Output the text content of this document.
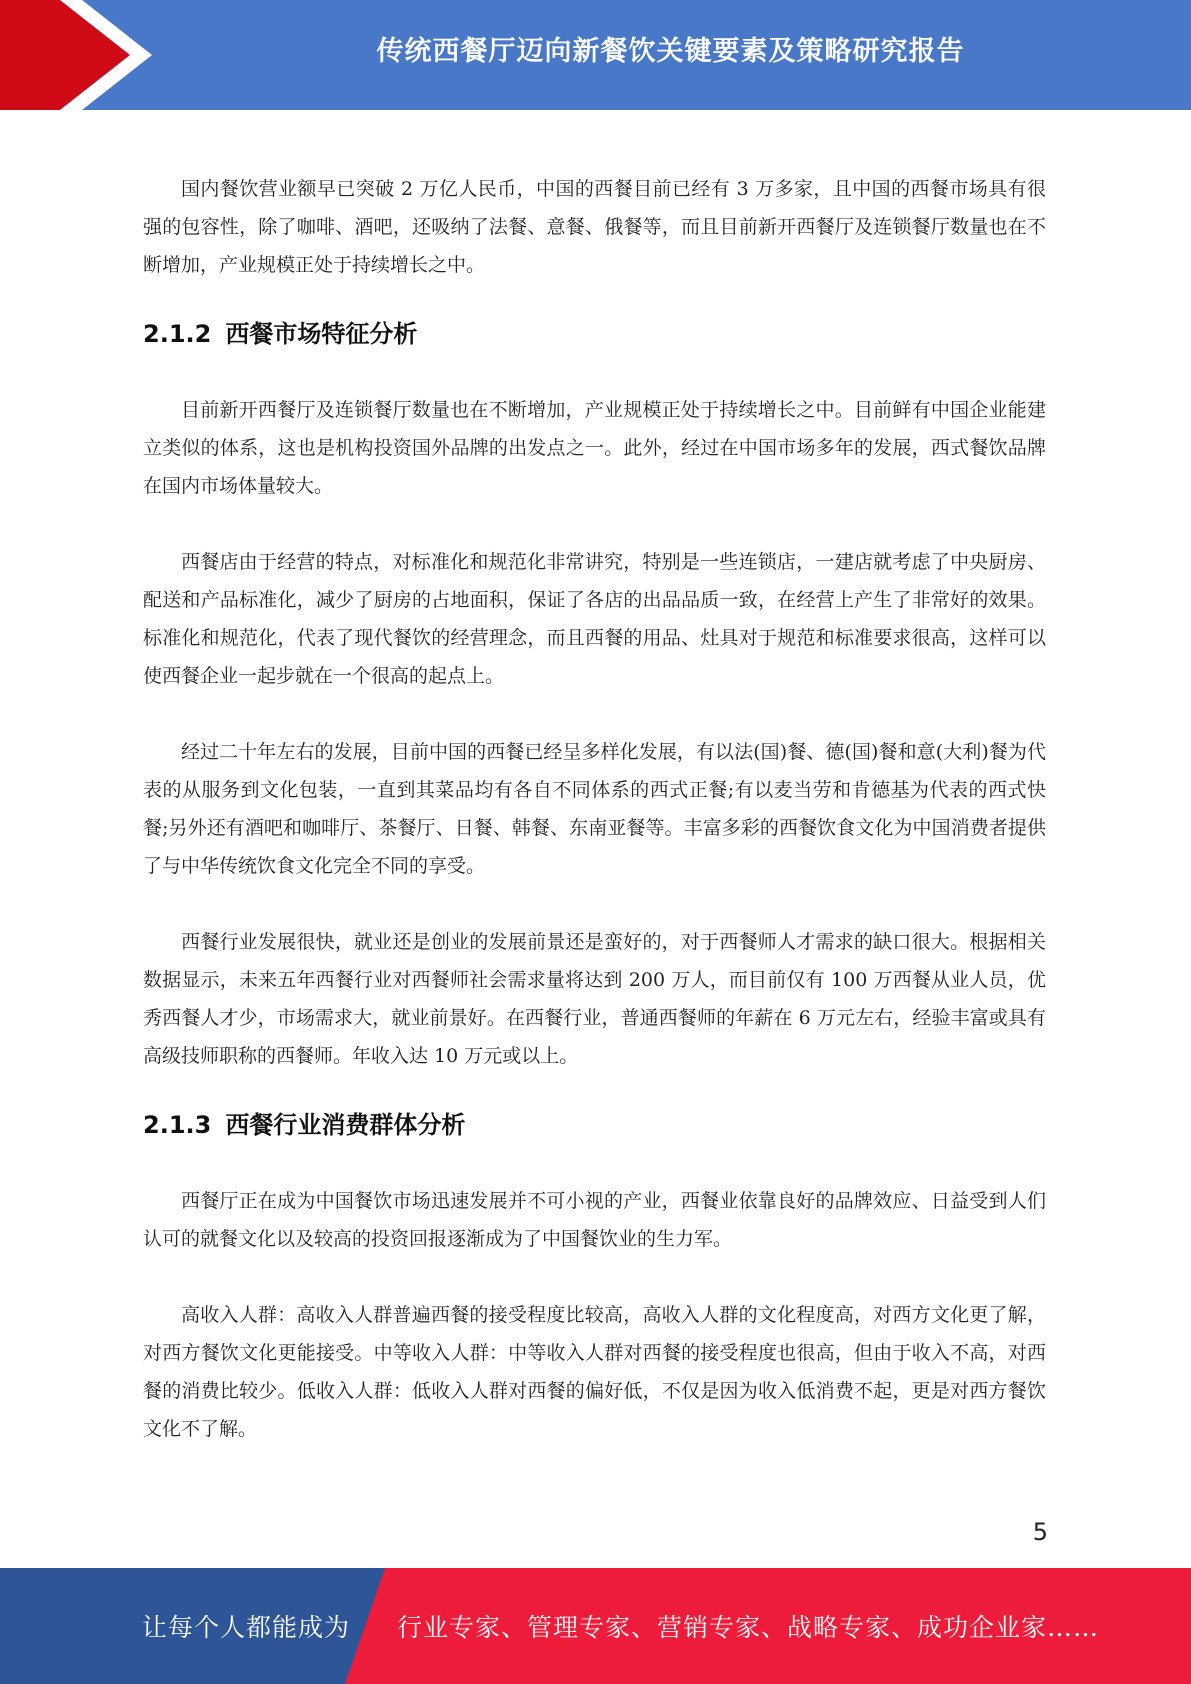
传统西餐厅迈向新餐饮关键要素及策略研究报告

国内餐饮营业额早已突破 2 万亿人民币，中国的西餐目前已经有 3 万多家，且中国的西餐市场具有很强的包容性，除了咖啡、酒吧，还吸纳了法餐、意餐、俄餐等，而且目前新开西餐厅及连锁餐厅数量也在不断增加，产业规模正处于持续增长之中。

2.1.2 西餐市场特征分析

目前新开西餐厅及连锁餐厅数量也在不断增加，产业规模正处于持续增长之中。目前鲜有中国企业能建立类似的体系，这也是机构投资国外品牌的出发点之一。此外，经过在中国市场多年的发展，西式餐饮品牌在国内市场体量较大。

西餐店由于经营的特点，对标准化和规范化非常讲究，特别是一些连锁店，一建店就考虑了中央厨房、配送和产品标准化，减少了厨房的占地面积，保证了各店的出品品质一致，在经营上产生了非常好的效果。标准化和规范化，代表了现代餐饮的经营理念，而且西餐的用品、灶具对于规范和标准要求很高，这样可以使西餐企业一起步就在一个很高的起点上。

经过二十年左右的发展，目前中国的西餐已经呈多样化发展，有以法(国)餐、德(国)餐和意(大利)餐为代表的从服务到文化包装，一直到其菜品均有各自不同体系的西式正餐;有以麦当劳和肯德基为代表的西式快餐;另外还有酒吧和咖啡厅、茶餐厅、日餐、韩餐、东南亚餐等。丰富多彩的西餐饮食文化为中国消费者提供了与中华传统饮食文化完全不同的享受。

西餐行业发展很快，就业还是创业的发展前景还是蛮好的，对于西餐师人才需求的缺口很大。根据相关数据显示，未来五年西餐行业对西餐师社会需求量将达到 200 万人，而目前仅有 100 万西餐从业人员，优秀西餐人才少，市场需求大，就业前景好。在西餐行业，普通西餐师的年薪在 6 万元左右，经验丰富或具有高级技师职称的西餐师。年收入达 10 万元或以上。

2.1.3 西餐行业消费群体分析

西餐厅正在成为中国餐饮市场迅速发展并不可小视的产业，西餐业依靠良好的品牌效应、日益受到人们认可的就餐文化以及较高的投资回报逐渐成为了中国餐饮业的生力军。

高收入人群：高收入人群普遍西餐的接受程度比较高，高收入人群的文化程度高，对西方文化更了解，对西方餐饮文化更能接受。中等收入人群：中等收入人群对西餐的接受程度也很高，但由于收入不高，对西餐的消费比较少。低收入人群：低收入人群对西餐的偏好低，不仅是因为收入低消费不起，更是对西方餐饮文化不了解。

5
让每个人都能成为 行业专家、管理专家、营销专家、战略专家、成功企业家……
